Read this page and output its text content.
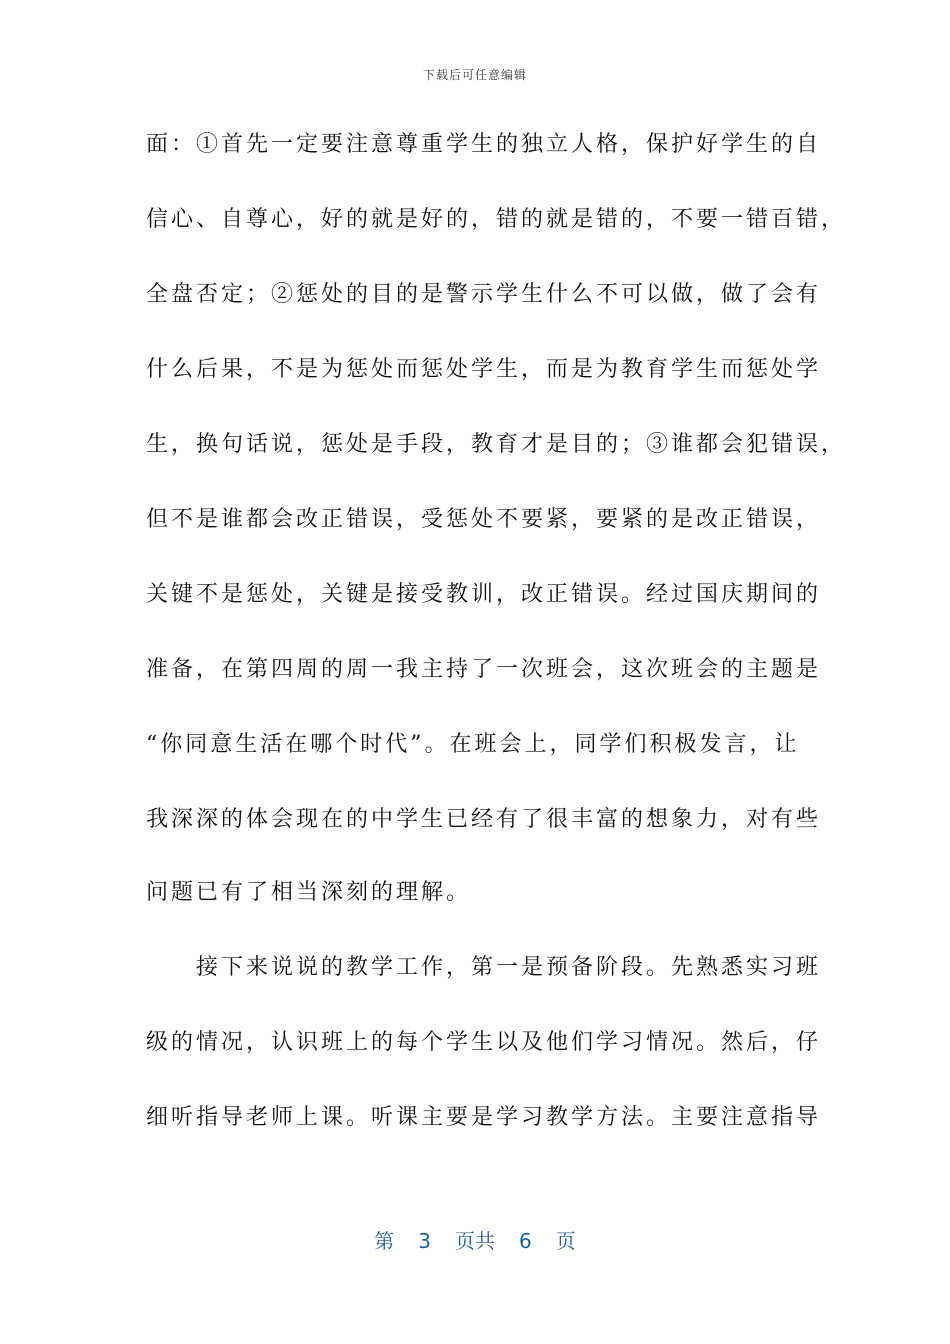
下载后可任意编辑
面：①首先一定要注意尊重学生的独立人格，保护好学生的自
信心、自尊心，好的就是好的，错的就是错的，不要一错百错，
全盘否定；②惩处的目的是警示学生什么不可以做，做了会有
什么后果，不是为惩处而惩处学生，而是为教育学生而惩处学
生，换句话说，惩处是手段，教育才是目的；③谁都会犯错误，
但不是谁都会改正错误，受惩处不要紧，要紧的是改正错误，
关键不是惩处，关键是接受教训，改正错误。经过国庆期间的
准备，在第四周的周一我主持了一次班会，这次班会的主题是
“你同意生活在哪个时代”。在班会上，同学们积极发言，让
我深深的体会现在的中学生已经有了很丰富的想象力，对有些
问题已有了相当深刻的理解。
　　接下来说说的教学工作，第一是预备阶段。先熟悉实习班
级的情况，认识班上的每个学生以及他们学习情况。然后，仔
细听指导老师上课。听课主要是学习教学方法。主要注意指导
第 3 页共 6 页
